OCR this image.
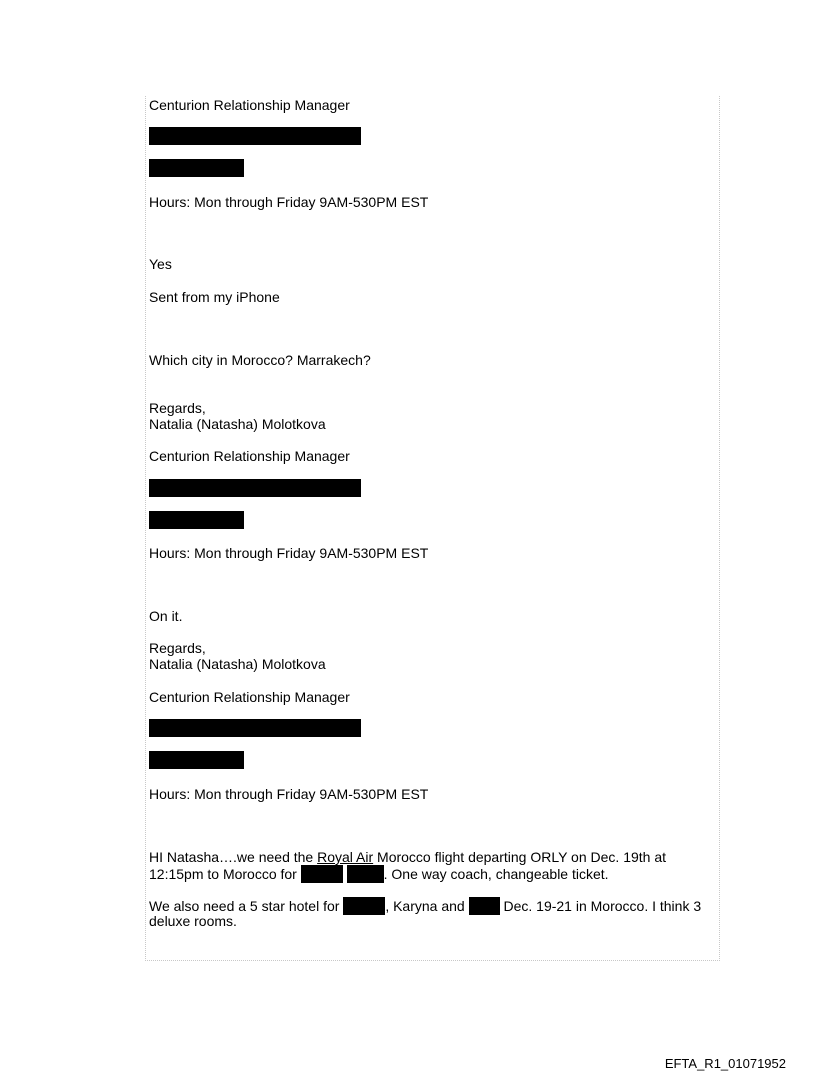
Centurion Relationship Manager

Hours: Mon through Friday 9AM-530PM EST

Yes

Sent from my iPhone

Which city in Morocco? Marrakech?

Regards,

Natalia (Natasha) Molotkova

Centurion Relationship Manager

Hours: Mon through Friday 9AM-530PM EST

On it.

Regards,

Natalia (Natasha) Molotkova

Centurion Relationship Manager

Hours: Mon through Friday 9AM-530PM EST

HI Natasha….we need the Royal Air Morocco flight departing ORLY on Dec. 19th at

12:15pm to Morocco for	. One way coach, changeable ticket.

We also need a 5 star hotel for	, Karyna and  Dec. 19-21 in Morocco. I think 3

deluxe rooms.

EFTA_R1_01071952
